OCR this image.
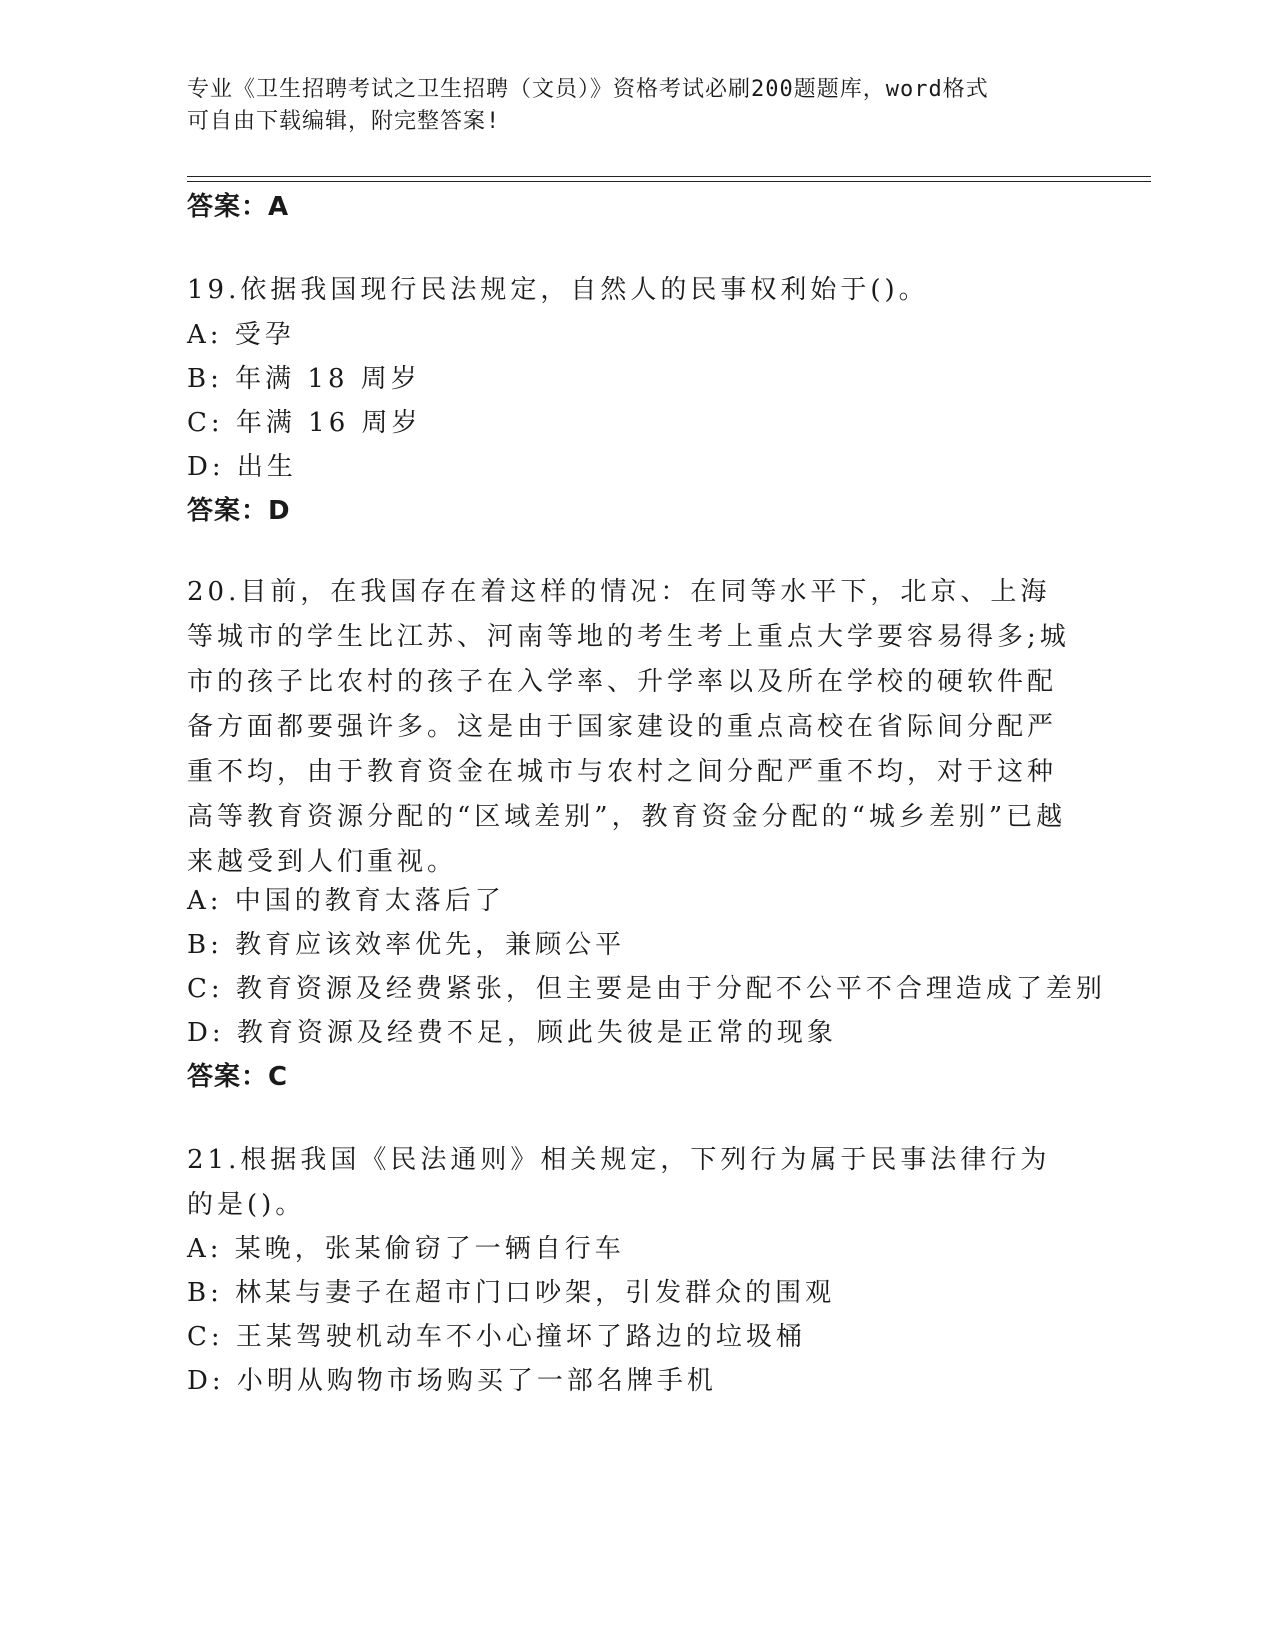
专业《卫生招聘考试之卫生招聘（文员）》资格考试必刷200题题库，word格式
可自由下载编辑，附完整答案!
答案：A
19.依据我国现行民法规定，自然人的民事权利始于()。
A: 受孕
B: 年满 18 周岁
C: 年满 16 周岁
D: 出生
答案：D
20.目前，在我国存在着这样的情况：在同等水平下，北京、上海等城市的学生比江苏、河南等地的考生考上重点大学要容易得多;城市的孩子比农村的孩子在入学率、升学率以及所在学校的硬软件配备方面都要强许多。这是由于国家建设的重点高校在省际间分配严重不均，由于教育资金在城市与农村之间分配严重不均，对于这种高等教育资源分配的“区域差别”，教育资金分配的“城乡差别”已越来越受到人们重视。
A: 中国的教育太落后了
B: 教育应该效率优先，兼顾公平
C: 教育资源及经费紧张，但主要是由于分配不公平不合理造成了差别
D: 教育资源及经费不足，顾此失彼是正常的现象
答案：C
21.根据我国《民法通则》相关规定，下列行为属于民事法律行为的是()。
A: 某晚，张某偷窃了一辆自行车
B: 林某与妻子在超市门口吵架，引发群众的围观
C: 王某驾驶机动车不小心撞坏了路边的垃圾桶
D: 小明从购物市场购买了一部名牌手机
